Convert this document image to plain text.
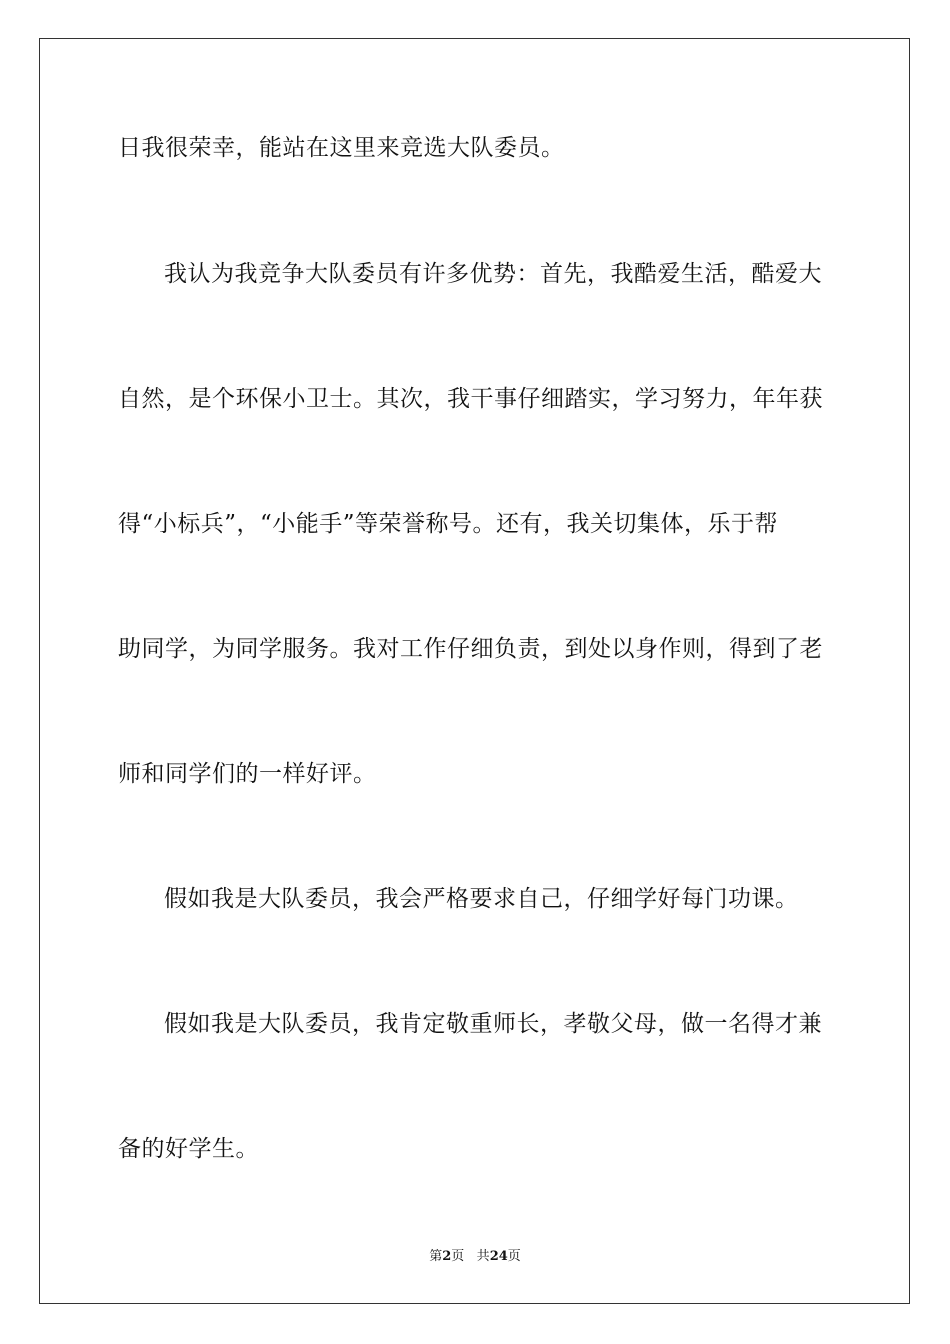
日我很荣幸，能站在这里来竞选大队委员。
我认为我竞争大队委员有许多优势：首先，我酷爱生活，酷爱大
自然，是个环保小卫士。其次，我干事仔细踏实，学习努力，年年获
得“小标兵”，“小能手”等荣誉称号。还有，我关切集体，乐于帮
助同学，为同学服务。我对工作仔细负责，到处以身作则，得到了老
师和同学们的一样好评。
假如我是大队委员，我会严格要求自己，仔细学好每门功课。
假如我是大队委员，我肯定敬重师长，孝敬父母，做一名得才兼
备的好学生。
第2页 共24页
